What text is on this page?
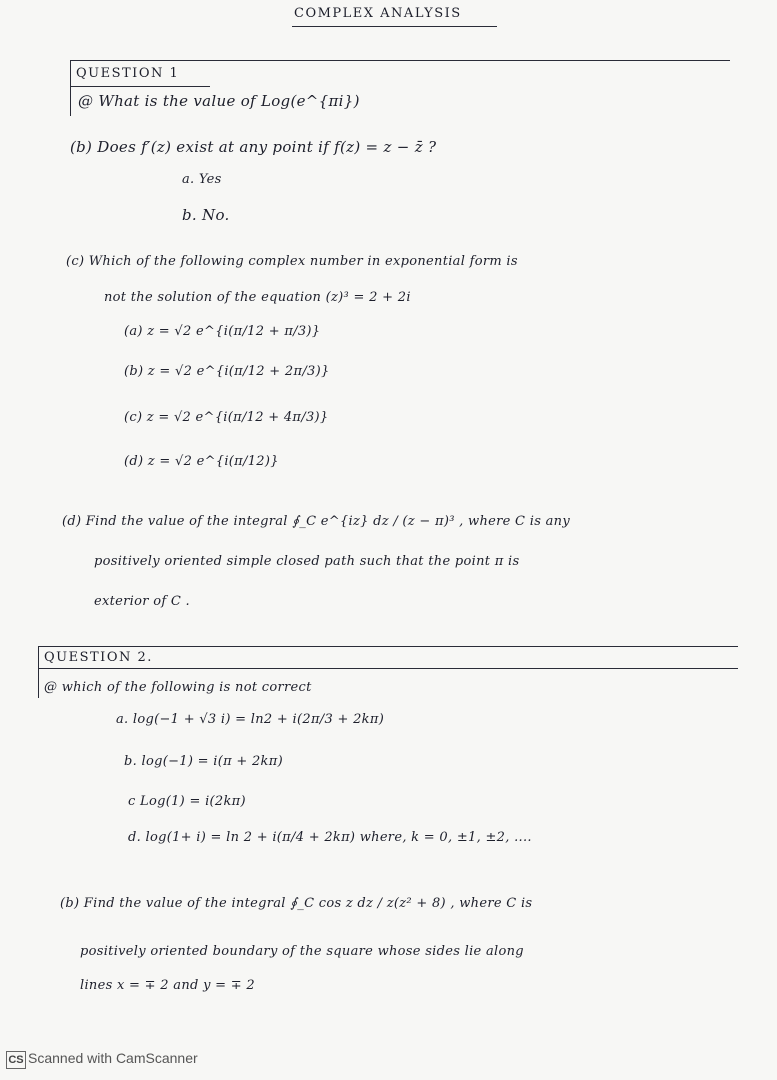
COMPLEX ANALYSIS
QUESTION 1
@ What is the value of Log(e^{πi})
(b) Does f′(z) exist at any point if f(z) = z − z̄ ?
a. Yes
b. No.
(c) Which of the following complex number in exponential form is
not the solution of the equation (z)³ = 2 + 2i
(a) z = √2 e^{i(π/12 + π/3)}
(b) z = √2 e^{i(π/12 + 2π/3)}
(c) z = √2 e^{i(π/12 + 4π/3)}
(d) z = √2 e^{i(π/12)}
(d) Find the value of the integral ∮_C e^{iz} dz / (z − π)³ , where C is any
positively oriented simple closed path such that the point π is
exterior of C .
QUESTION 2.
@ which of the following is not correct
a. log(−1 + √3 i) = ln2 + i(2π/3 + 2kπ)
b. log(−1) = i(π + 2kπ)
c Log(1) = i(2kπ)
d. log(1+ i) = ln 2 + i(π/4 + 2kπ) where, k = 0, ±1, ±2, ....
(b) Find the value of the integral ∮_C cos z dz / z(z² + 8) , where C is
positively oriented boundary of the square whose sides lie along
lines x = ∓ 2 and y = ∓ 2
CS Scanned with CamScanner
